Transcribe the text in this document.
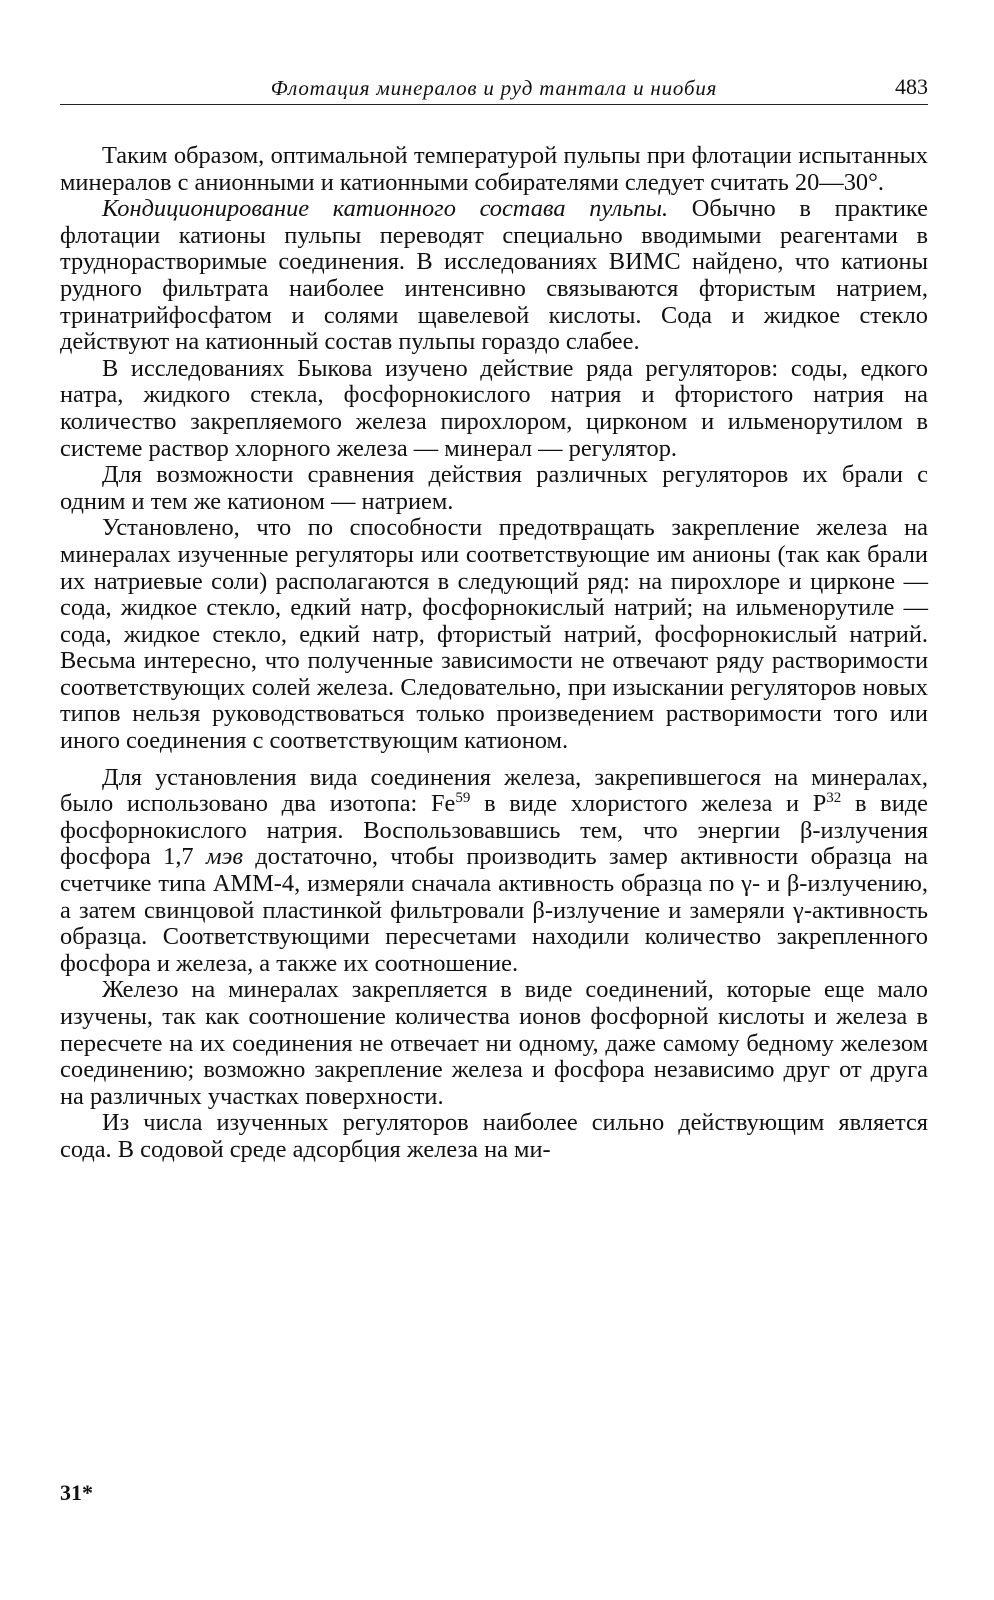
Флотация минералов и руд тантала и ниобия	483

Таким образом, оптимальной температурой пульпы при флотации испытанных минералов с анионными и катионными собирателями следует считать 20—30°.

Кондиционирование катионного состава пульпы. Обычно в практике флотации катионы пульпы переводят специально вводимыми реагентами в труднорастворимые соединения. В исследованиях ВИМС найдено, что катионы рудного фильтрата наиболее интенсивно связываются фтористым натрием, тринатрийфосфатом и солями щавелевой кислоты. Сода и жидкое стекло действуют на катионный состав пульпы гораздо слабее.

В исследованиях Быкова изучено действие ряда регуляторов: соды, едкого натра, жидкого стекла, фосфорнокислого натрия и фтористого натрия на количество закрепляемого железа пирохлором, цирконом и ильменорутилом в системе раствор хлорного железа — минерал — регулятор.

Для возможности сравнения действия различных регуляторов их брали с одним и тем же катионом — натрием.

Установлено, что по способности предотвращать закрепление железа на минералах изученные регуляторы или соответствующие им анионы (так как брали их натриевые соли) располагаются в следующий ряд: на пирохлоре и цирконе — сода, жидкое стекло, едкий натр, фосфорнокислый натрий; на ильменорутиле — сода, жидкое стекло, едкий натр, фтористый натрий, фосфорнокислый натрий. Весьма интересно, что полученные зависимости не отвечают ряду растворимости соответствующих солей железа. Следовательно, при изыскании регуляторов новых типов нельзя руководствоваться только произведением растворимости того или иного соединения с соответствующим катионом.

Для установления вида соединения железа, закрепившегося на минералах, было использовано два изотопа: Fe$^{59}$ в виде хлористого железа и $P^{32}$ в виде фосфорнокислого натрия. Воспользовавшись тем, что энергии β-излучения фосфора 1,7 мэв достаточно, чтобы производить замер активности образца на счетчике типа АММ-4, измеряли сначала активность образца по γ- и β-излучению, а затем свинцовой пластинкой фильтровали β-излучение и замеряли γ-активность образца. Соответствующими пересчетами находили количество закрепленного фосфора и железа, а также их соотношение.

Железо на минералах закрепляется в виде соединений, которые еще мало изучены, так как соотношение количества ионов фосфорной кислоты и железа в пересчете на их соединения не отвечает ни одному, даже самому бедному железом соединению; возможно закрепление железа и фосфора независимо друг от друга на различных участках поверхности.

Из числа изученных регуляторов наиболее сильно действующим является сода. В содовой среде адсорбция железа на ми-

31*
